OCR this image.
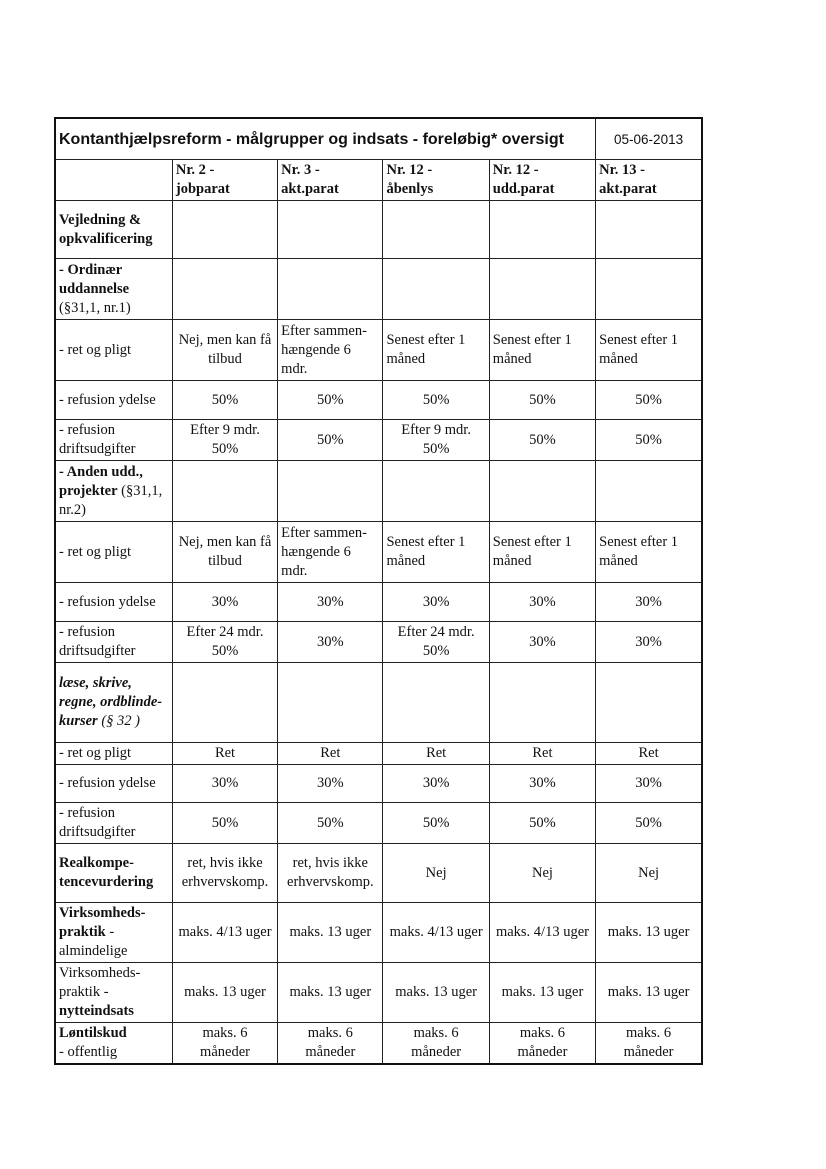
Kontanthjælpsreform - målgrupper og indsats - foreløbig* oversigt					05-06-2013

	Nr. 2 -
jobparat	Nr. 3 -
akt.parat	Nr. 12 -
åbenlys	Nr. 12 -
udd.parat	Nr. 13 -
akt.parat

Vejledning &
opkvalificering					

- Ordinær
uddannelse
(§31,1, nr.1)					

- ret og pligt	Nej, men kan få
tilbud	Efter sammen-
hængende 6
mdr.	Senest efter 1
måned	Senest efter 1
måned	Senest efter 1
måned

- refusion ydelse	50%	50%	50%	50%	50%

- refusion
driftsudgifter	Efter 9 mdr.
50%	50%	Efter 9 mdr.
50%	50%	50%

- Anden udd.,
projekter (§31,1,
nr.2)					

- ret og pligt	Nej, men kan få
tilbud	Efter sammen-
hængende 6
mdr.	Senest efter 1
måned	Senest efter 1
måned	Senest efter 1
måned

- refusion ydelse	30%	30%	30%	30%	30%

- refusion
driftsudgifter	Efter 24 mdr.
50%	30%	Efter 24 mdr.
50%	30%	30%

læse, skrive,
regne, ordblinde-
kurser (§ 32 )					

- ret og pligt	Ret	Ret	Ret	Ret	Ret
- refusion ydelse	30%	30%	30%	30%	30%

- refusion
driftsudgifter	50%	50%	50%	50%	50%

Realkompe-
tencevurdering	ret, hvis ikke
erhvervskomp.	ret, hvis ikke
erhvervskomp.	Nej	Nej	Nej

Virksomheds-
praktik -
almindelige	maks. 4/13 uger	maks. 13 uger	maks. 4/13 uger	maks. 4/13 uger	maks. 13 uger

Virksomheds-
praktik -
nytteindsats	maks. 13 uger	maks. 13 uger	maks. 13 uger	maks. 13 uger	maks. 13 uger

Løntilskud
- offentlig	maks. 6
måneder	maks. 6
måneder	maks. 6
måneder	maks. 6
måneder	maks. 6
måneder
